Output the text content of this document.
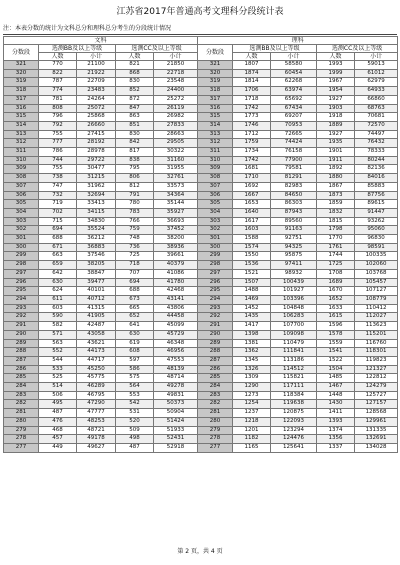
江苏省2017年普通高考文理科分段统计表
注：本表分数的统计为文科总分和理科总分考生的分段统计情况
文科					理科				
分数段	选测BB及以上等级		选测CC及以上等级		分数段	选测BB及以上等级		选测CC及以上等级	
	人数	小计	人数	小计		人数	小计	人数	小计
321	770	21100	821	21850	321	1807	58580	1993	59013
320	822	21922	868	22718	320	1874	60454	1999	61012
319	787	22709	830	23548	319	1814	62268	1967	62979
318	774	23483	852	24400	318	1706	63974	1954	64933
317	781	24264	872	25272	317	1718	65692	1927	66860
316	808	25072	847	26119	316	1742	67434	1903	68763
315	796	25868	863	26982	315	1773	69207	1918	70681
314	792	26660	851	27833	314	1746	70953	1889	72570
313	755	27415	830	28663	313	1712	72665	1927	74497
312	777	28192	842	29505	312	1759	74424	1935	76432
311	786	28978	817	30322	311	1734	76158	1901	78333
310	744	29722	838	31160	310	1742	77900	1911	80244
309	755	30477	795	31955	309	1681	79581	1892	82136
308	738	31215	806	32761	308	1710	81291	1880	84016
307	747	31962	812	33573	307	1692	82983	1867	85883
306	732	32694	791	34364	306	1667	84650	1873	87756
305	719	33413	780	35144	305	1653	86303	1859	89615
304	702	34115	783	35927	304	1640	87943	1832	91447
303	715	34830	766	36693	303	1617	89560	1815	93262
302	694	35524	759	37452	302	1603	91163	1798	95060
301	688	36212	748	38200	301	1588	92751	1770	96830
300	671	36883	736	38936	300	1574	94325	1761	98591
299	663	37546	725	39661	299	1550	95875	1744	100335
298	659	38205	718	40379	298	1536	97411	1725	102060
297	642	38847	707	41086	297	1521	98932	1708	103768
296	630	39477	694	41780	296	1507	100439	1689	105457
295	624	40101	688	42468	295	1488	101927	1670	107127
294	611	40712	673	43141	294	1469	103396	1652	108779
293	603	41315	665	43806	293	1452	104848	1633	110412
292	590	41905	652	44458	292	1435	106283	1615	112027
291	582	42487	641	45099	291	1417	107700	1596	113623
290	571	43058	630	45729	290	1398	109098	1578	115201
289	563	43621	619	46348	289	1381	110479	1559	116760
288	552	44173	608	46956	288	1362	111841	1541	118301
287	544	44717	597	47553	287	1345	113186	1522	119823
286	533	45250	586	48139	286	1326	114512	1504	121327
285	525	45775	575	48714	285	1309	115821	1485	122812
284	514	46289	564	49278	284	1290	117111	1467	124279
283	506	46795	553	49831	283	1273	118384	1448	125727
282	495	47290	542	50373	282	1254	119638	1430	127157
281	487	47777	531	50904	281	1237	120875	1411	128568
280	476	48253	520	51424	280	1218	122093	1393	129961
279	468	48721	509	51933	279	1201	123294	1374	131335
278	457	49178	498	52431	278	1182	124476	1356	132691
277	449	49627	487	52918	277	1165	125641	1337	134028
第 2 页，共 4 页
